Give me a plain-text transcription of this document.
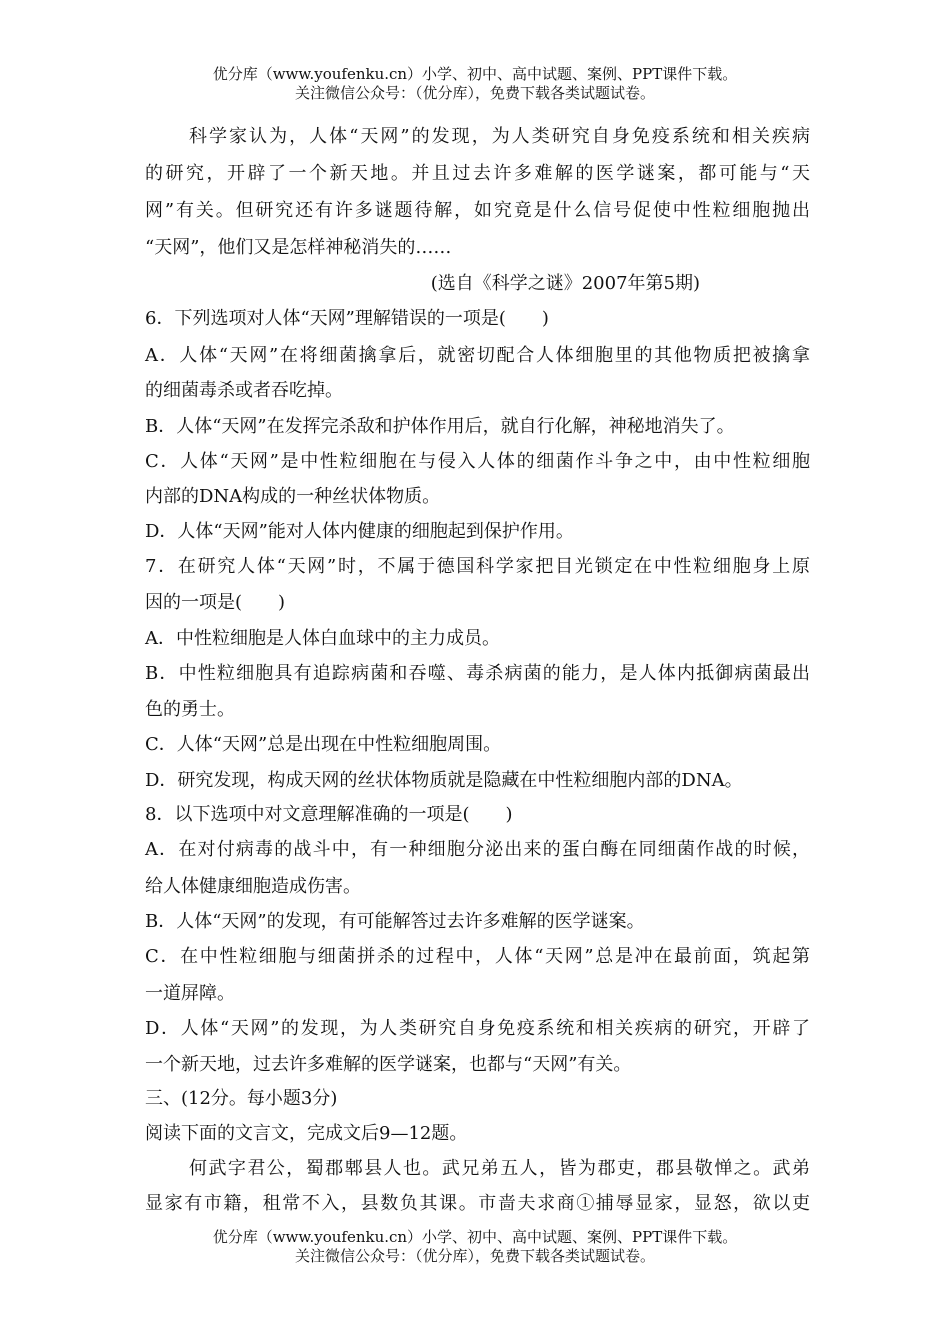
优分库（www.youfenku.cn）小学、初中、高中试题、案例、PPT课件下载。
关注微信公众号：（优分库），免费下载各类试题试卷。
科学家认为，人体“天网”的发现，为人类研究自身免疫系统和相关疾病
的研究，开辟了一个新天地。并且过去许多难解的医学谜案，都可能与“天
网”有关。但研究还有许多谜题待解，如究竟是什么信号促使中性粒细胞抛出
“天网”，他们又是怎样神秘消失的……
(选自《科学之谜》2007年第5期)
6．下列选项对人体“天网”理解错误的一项是(　　)
A．人体“天网”在将细菌擒拿后，就密切配合人体细胞里的其他物质把被擒拿
的细菌毒杀或者吞吃掉。
B．人体“天网”在发挥完杀敌和护体作用后，就自行化解，神秘地消失了。
C．人体“天网”是中性粒细胞在与侵入人体的细菌作斗争之中，由中性粒细胞
内部的DNA构成的一种丝状体物质。
D．人体“天网”能对人体内健康的细胞起到保护作用。
7．在研究人体“天网”时，不属于德国科学家把目光锁定在中性粒细胞身上原
因的一项是(　　)
A．中性粒细胞是人体白血球中的主力成员。
B．中性粒细胞具有追踪病菌和吞噬、毒杀病菌的能力，是人体内抵御病菌最出
色的勇士。
C．人体“天网”总是出现在中性粒细胞周围。
D．研究发现，构成天网的丝状体物质就是隐藏在中性粒细胞内部的DNA。
8．以下选项中对文意理解准确的一项是(　　)
A．在对付病毒的战斗中，有一种细胞分泌出来的蛋白酶在同细菌作战的时候，
给人体健康细胞造成伤害。
B．人体“天网”的发现，有可能解答过去许多难解的医学谜案。
C．在中性粒细胞与细菌拼杀的过程中，人体“天网”总是冲在最前面，筑起第
一道屏障。
D．人体“天网”的发现，为人类研究自身免疫系统和相关疾病的研究，开辟了
一个新天地，过去许多难解的医学谜案，也都与“天网”有关。
三、(12分。每小题3分)
阅读下面的文言文，完成文后9—12题。
何武字君公，蜀郡郫县人也。武兄弟五人，皆为郡吏，郡县敬惮之。武弟
显家有市籍，租常不入，县数负其课。市啬夫求商①捕辱显家，显怒，欲以吏
优分库（www.youfenku.cn）小学、初中、高中试题、案例、PPT课件下载。
关注微信公众号：（优分库），免费下载各类试题试卷。
